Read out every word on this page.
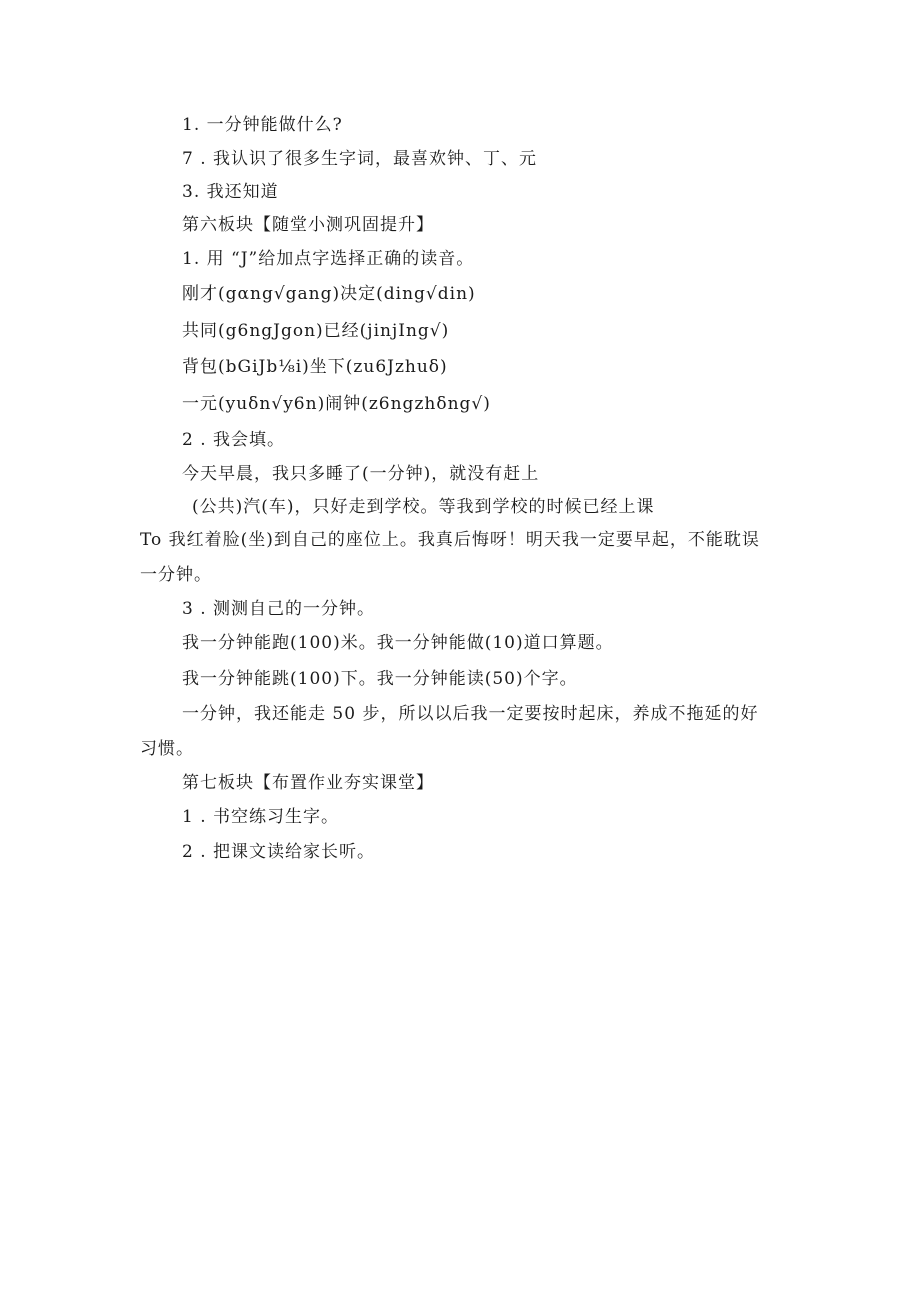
1. 一分钟能做什么?
7 . 我认识了很多生字词，最喜欢钟、丁、元
3. 我还知道
第六板块【随堂小测巩固提升】
1. 用 “J”给加点字选择正确的读音。
刚才(gαng√gang)决定(ding√din)
共同(g6ngJgon)已经(jinjIng√)
背包(bGiJb⅛i)坐下(zu6Jzhuδ)
一元(yuδn√y6n)闹钟(z6ngzhδng√)
2 . 我会填。
今天早晨，我只多睡了(一分钟)，就没有赶上
(公共)汽(车)，只好走到学校。等我到学校的时候已经上课
To 我红着脸(坐)到自己的座位上。我真后悔呀！明天我一定要早起，不能耽误
一分钟。
3 . 测测自己的一分钟。
我一分钟能跑(100)米。我一分钟能做(10)道口算题。
我一分钟能跳(100)下。我一分钟能读(50)个字。
一分钟，我还能走 50 步，所以以后我一定要按时起床，养成不拖延的好
习惯。
第七板块【布置作业夯实课堂】
1 . 书空练习生字。
2 . 把课文读给家长听。
